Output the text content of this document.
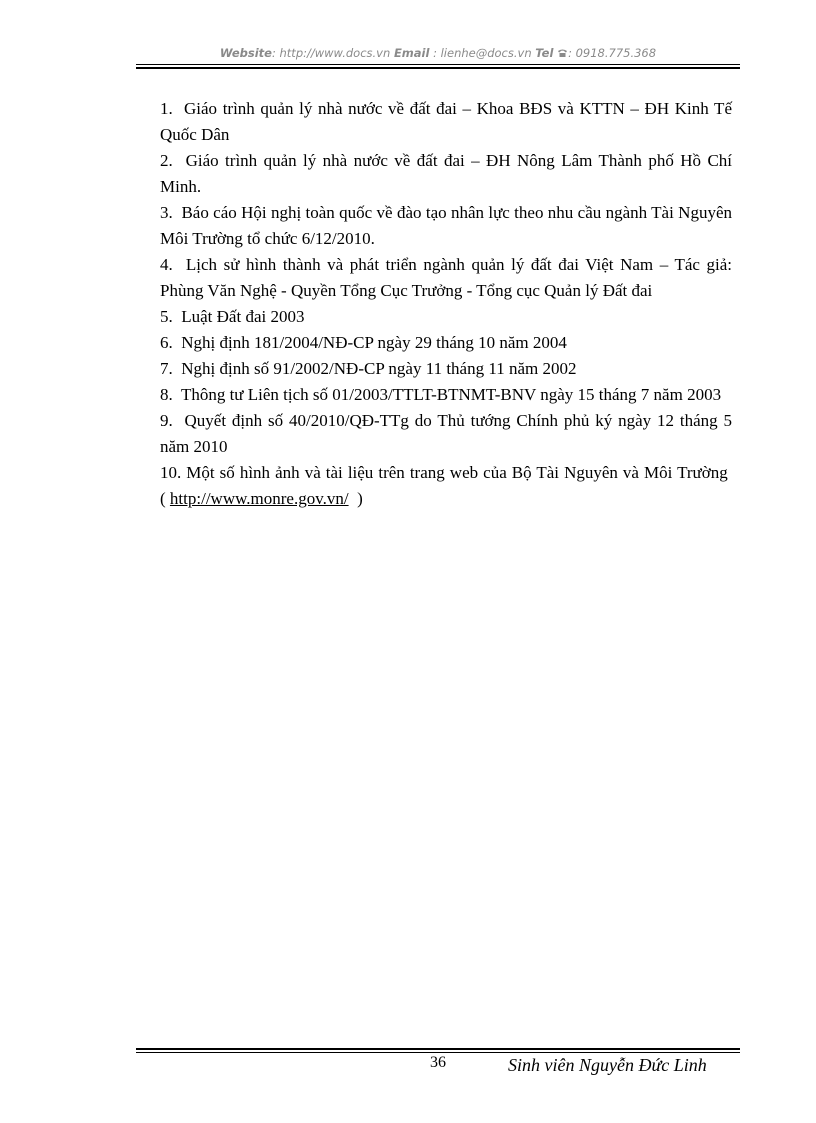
Website: http://www.docs.vn Email : lienhe@docs.vn Tel : 0918.775.368

1. Giáo trình quản lý nhà nước về đất đai – Khoa BĐS và KTTN – ĐH Kinh Tế Quốc Dân

2. Giáo trình quản lý nhà nước về đất đai – ĐH Nông Lâm Thành phố Hồ Chí Minh.

3. Báo cáo Hội nghị toàn quốc về đào tạo nhân lực theo nhu cầu ngành Tài Nguyên Môi Trường tổ chức 6/12/2010.

4. Lịch sử hình thành và phát triển ngành quản lý đất đai Việt Nam – Tác giả: Phùng Văn Nghệ - Quyền Tổng Cục Trưởng - Tổng cục Quản lý Đất đai

5. Luật Đất đai 2003

6. Nghị định 181/2004/NĐ-CP ngày 29 tháng 10 năm 2004

7. Nghị định số 91/2002/NĐ-CP ngày 11 tháng 11 năm 2002

8. Thông tư Liên tịch số 01/2003/TTLT-BTNMT-BNV ngày 15 tháng 7 năm 2003

9. Quyết định số 40/2010/QĐ-TTg do Thủ tướng Chính phủ ký ngày 12 tháng 5 năm 2010

10. Một số hình ảnh và tài liệu trên trang web của Bộ Tài Nguyên và Môi Trường  ( http://www.monre.gov.vn/ )

36	Sinh viên Nguyễn Đức Linh
